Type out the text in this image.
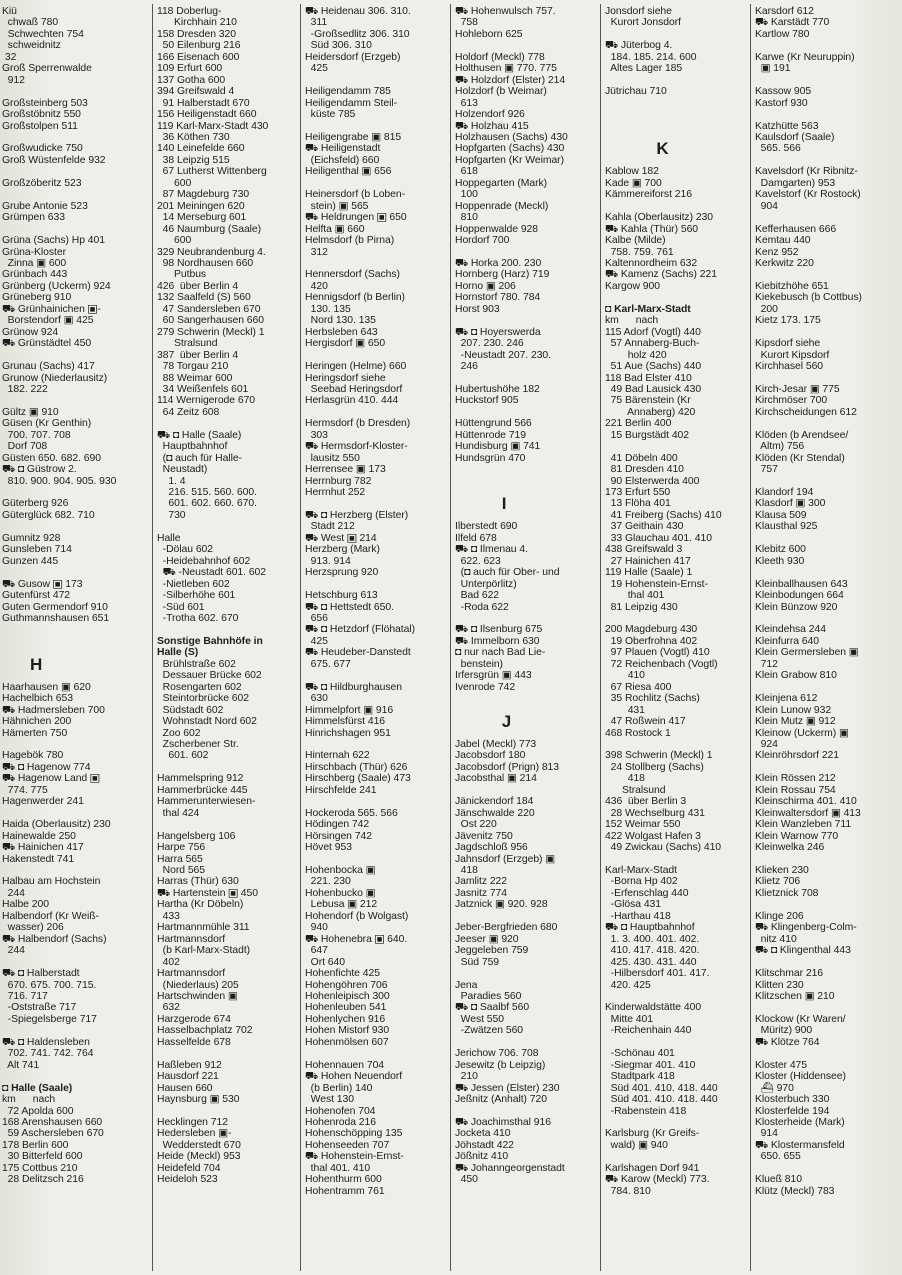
Kiü
chwaß 780
Schwechten 754
schweidnitz
32
Groß Sperrenwalde
912

Großsteinberg 503
Großstöbnitz 550
Großstolpen 511

Großwudicke 750
Groß Wüstenfelde 932

Großzöberitz 523

Grube Antonie 523
Grümpen 633

Grüna (Sachs) Hp 401
Grüna-Kloster
Zinna ▣ 600
Grünbach 443
Grünberg (Uckerm) 924
Grüneberg 910
⛟ Grünhainichen ▣-
Borstendorf ▣ 425
Grünow 924
⛟ Grünstädtel 450

Grunau (Sachs) 417
Grunow (Niederlausitz)
182. 222

Gültz ▣ 910
Güsen (Kr Genthin)
700. 707. 708
Dorf 708
Güsten 650. 682. 690
⛟ ◘ Güstrow 2.
810. 900. 904. 905. 930

Güterberg 926
Güterglück 682. 710

Gumnitz 928
Gunsleben 714
Gunzen 445

⛟ Gusow ▣ 173
Gutenfürst 472
Guten Germendorf 910
Guthmannshausen 651

H

Haarhausen ▣ 620
Hachelbich 653
⛟ Hadmersleben 700
Hähnichen 200
Hämerten 750

Hagebök 780
⛟ ◘ Hagenow 774
⛟ Hagenow Land ▣
774. 775
Hagenwerder 241

Haida (Oberlausitz) 230
Hainewalde 250
⛟ Hainichen 417
Hakenstedt 741

Halbau am Hochstein
244
Halbe 200
Halbendorf (Kr Weiß-
wasser) 206
⛟ Halbendorf (Sachs)
244

⛟ ◘ Halberstadt
670. 675. 700. 715.
716. 717
-Oststraße 717
-Spiegelsberge 717

⛟ ◘ Haldensleben
702. 741. 742. 764
Alt 741

◘ Halle (Saale)
km      nach
72 Apolda 600
168 Arenshausen 660
59 Aschersleben 670
178 Berlin 600
30 Bitterfeld 600
175 Cottbus 210
28 Delitzsch 216
118 Doberlug-
Kirchhain 210
158 Dresden 320
50 Eilenburg 216
166 Eisenach 600
109 Erfurt 600
137 Gotha 600
394 Greifswald 4
91 Halberstadt 670
156 Heiligenstadt 660
119 Karl-Marx-Stadt 430
36 Köthen 730
140 Leinefelde 660
38 Leipzig 515
67 Lutherst Wittenberg
600
87 Magdeburg 730
201 Meiningen 620
14 Merseburg 601
46 Naumburg (Saale)
600
329 Neubrandenburg 4.
98 Nordhausen 660
Putbus
426  über Berlin 4
132 Saalfeld (S) 560
47 Sandersleben 670
60 Sangerhausen 660
279 Schwerin (Meckl) 1
Stralsund
387  über Berlin 4
78 Torgau 210
88 Weimar 600
34 Weißenfels 601
114 Wernigerode 670
64 Zeitz 608

⛟ ◘ Halle (Saale)
Hauptbahnhof
(◘ auch für Halle-
Neustadt)
1. 4
216. 515. 560. 600.
601. 602. 660. 670.
730

Halle
-Dölau 602
-Heidebahnhof 602
⛟ -Neustadt 601. 602
-Nietleben 602
-Silberhöhe 601
-Süd 601
-Trotha 602. 670

Sonstige Bahnhöfe in
Halle (S)
Brühlstraße 602
Dessauer Brücke 602
Rosengarten 602
Steintorbrücke 602
Südstadt 602
Wohnstadt Nord 602
Zoo 602
Zscherbener Str.
601. 602

Hammelspring 912
Hammerbrücke 445
Hammerunterwiesen-
thal 424

Hangelsberg 106
Harpe 756
Harra 565
Nord 565
Harras (Thür) 630
⛟ Hartenstein ▣ 450
Hartha (Kr Döbeln)
433
Hartmannmühle 311
Hartmannsdorf
(b Karl-Marx-Stadt)
402
Hartmannsdorf
(Niederlaus) 205
Hartschwinden ▣
632
Harzgerode 674
Hasselbachplatz 702
Hasselfelde 678

Haßleben 912
Hausdorf 221
Hausen 660
Haynsburg ▣ 530

Hecklingen 712
Hedersleben ▣-
Wedderstedt 670
Heide (Meckl) 953
Heidefeld 704
Heideloh 523
⛟ Heidenau 306. 310.
311
-Großsedlitz 306. 310
Süd 306. 310
Heidersdorf (Erzgeb)
425

Heiligendamm 785
Heiligendamm Steil-
küste 785

Heiligengrabe ▣ 815
⛟ Heiligenstadt
(Eichsfeld) 660
Heiligenthal ▣ 656

Heinersdorf (b Loben-
stein) ▣ 565
⛟ Heldrungen ▣ 650
Helfta ▣ 660
Helmsdorf (b Pirna)
312

Hennersdorf (Sachs)
420
Hennigsdorf (b Berlin)
130. 135
Nord 130. 135
Herbsleben 643
Hergisdorf ▣ 650

Heringen (Helme) 660
Heringsdorf siehe
Seebad Heringsdorf
Herlasgrün 410. 444

Hermsdorf (b Dresden)
303
⛟ Hermsdorf-Kloster-
lausitz 550
Herrensee ▣ 173
Herrnburg 782
Herrnhut 252

⛟ ◘ Herzberg (Elster)
Stadt 212
⛟ West ▣ 214
Herzberg (Mark)
913. 914
Herzsprung 920

Hetschburg 613
⛟ ◘ Hettstedt 650.
656
⛟ ◘ Hetzdorf (Flöhatal)
425
⛟ Heudeber-Danstedt
675. 677

⛟ ◘ Hildburghausen
630
Himmelpfort ▣ 916
Himmelsfürst 416
Hinrichshagen 951

Hinternah 622
Hirschbach (Thür) 626
Hirschberg (Saale) 473
Hirschfelde 241

Hockeroda 565. 566
Hödingen 742
Hörsingen 742
Hövet 953

Hohenbocka ▣
221. 230
Hohenbucko ▣
Lebusa ▣ 212
Hohendorf (b Wolgast)
940
⛟ Hohenebra ▣ 640.
647
Ort 640
Hohenfichte 425
Hohengöhren 706
Hohenleipisch 300
Hohenleuben 541
Hohenlychen 916
Hohen Mistorf 930
Hohenmölsen 607

Hohennauen 704
⛟ Hohen Neuendorf
(b Berlin) 140
West 130
Hohenofen 704
Hohenroda 216
Hohenschöpping 135
Hohenseeden 707
⛟ Hohenstein-Ernst-
thal 401. 410
Hohenthurm 600
Hohentramm 761
⛟ Hohenwulsch 757.
758
Hohleborn 625

Holdorf (Meckl) 778
Holthusen ▣ 770. 775
⛟ Holzdorf (Elster) 214
Holzdorf (b Weimar)
613
Holzendorf 926
⛟ Holzhau 415
Holzhausen (Sachs) 430
Hopfgarten (Sachs) 430
Hopfgarten (Kr Weimar)
618
Hoppegarten (Mark)
100
Hoppenrade (Meckl)
810
Hoppenwalde 928
Hordorf 700

⛟ Horka 200. 230
Hornberg (Harz) 719
Horno ▣ 206
Hornstorf 780. 784
Horst 903

⛟ ◘ Hoyerswerda
207. 230. 246
-Neustadt 207. 230.
246

Hubertushöhe 182
Huckstorf 905

Hüttengrund 566
Hüttenrode 719
Hundisburg ▣ 741
Hundsgrün 470

I

Ilberstedt 690
Ilfeld 678
⛟ ◘ Ilmenau 4.
622. 623
(◘ auch für Ober- und
Unterpörlitz)
Bad 622
-Roda 622

⛟ ◘ Ilsenburg 675
⛟ Immelborn 630
◘ nur nach Bad Lie-
benstein)
Irfersgrün ▣ 443
Ivenrode 742

J

Jabel (Meckl) 773
Jacobsdorf 180
Jacobsdorf (Prign) 813
Jacobsthal ▣ 214

Jänickendorf 184
Jänschwalde 220
Ost 220
Jävenitz 750
Jagdschloß 956
Jahnsdorf (Erzgeb) ▣
418
Jamlitz 222
Jasnitz 774
Jatznick ▣ 920. 928

Jeber-Bergfrieden 680
Jeeser ▣ 920
Jeggeleben 759
Süd 759

Jena
Paradies 560
⛟ ◘ Saalbf 560
West 550
-Zwätzen 560

Jerichow 706. 708
Jesewitz (b Leipzig)
210
⛟ Jessen (Elster) 230
Jeßnitz (Anhalt) 720

⛟ Joachimsthal 916
Jocketa 410
Jöhstadt 422
Jößnitz 410
⛟ Johanngeorgenstadt
450
Jonsdorf siehe
Kurort Jonsdorf

⛟ Jüterbog 4.
184. 185. 214. 600
Altes Lager 185

Jütrichau 710

K

Kablow 182
Kade ▣ 700
Kämmereiforst 216

Kahla (Oberlausitz) 230
⛟ Kahla (Thür) 560
Kalbe (Milde)
758. 759. 761
Kaltennordheim 632
⛟ Kamenz (Sachs) 221
Kargow 900

◘ Karl-Marx-Stadt
km      nach
115 Adorf (Vogtl) 440
57 Annaberg-Buch-
holz 420
51 Aue (Sachs) 440
118 Bad Elster 410
49 Bad Lausick 430
75 Bärenstein (Kr
Annaberg) 420
221 Berlin 400
15 Burgstädt 402

41 Döbeln 400
81 Dresden 410
90 Elsterwerda 400
173 Erfurt 550
13 Flöha 401
41 Freiberg (Sachs) 410
37 Geithain 430
33 Glauchau 401. 410
438 Greifswald 3
27 Hainichen 417
119 Halle (Saale) 1
19 Hohenstein-Ernst-
thal 401
81 Leipzig 430

200 Magdeburg 430
19 Oberfrohna 402
97 Plauen (Vogtl) 410
72 Reichenbach (Vogtl)
410
67 Riesa 400
35 Rochlitz (Sachs)
431
47 Roßwein 417
468 Rostock 1

398 Schwerin (Meckl) 1
24 Stollberg (Sachs)
418
Stralsund
436  über Berlin 3
28 Wechselburg 431
152 Weimar 550
422 Wolgast Hafen 3
49 Zwickau (Sachs) 410

Karl-Marx-Stadt
-Borna Hp 402
-Erfenschlag 440
-Glösa 431
-Harthau 418
⛟ ◘ Hauptbahnhof
1. 3. 400. 401. 402.
410. 417. 418. 420.
425. 430. 431. 440
-Hilbersdorf 401. 417.
420. 425

Kinderwaldstätte 400
Mitte 401
-Reichenhain 440

-Schönau 401
-Siegmar 401. 410
Stadtpark 418
Süd 401. 410. 418. 440
Süd 401. 410. 418. 440
-Rabenstein 418

Karlsburg (Kr Greifs-
wald) ▣ 940

Karlshagen Dorf 941
⛟ Karow (Meckl) 773.
784. 810
Karsdorf 612
⛟ Karstädt 770
Kartlow 780

Karwe (Kr Neuruppin)
▣ 191

Kassow 905
Kastorf 930

Katzhütte 563
Kaulsdorf (Saale)
565. 566

Kavelsdorf (Kr Ribnitz-
Damgarten) 953
Kavelstorf (Kr Rostock)
904

Kefferhausen 666
Kemtau 440
Kenz 952
Kerkwitz 220

Kiebitzhöhe 651
Kiekebusch (b Cottbus)
200
Kietz 173. 175

Kipsdorf siehe
Kurort Kipsdorf
Kirchhasel 560

Kirch-Jesar ▣ 775
Kirchmöser 700
Kirchscheidungen 612

Klöden (b Arendsee/
Altm) 756
Klöden (Kr Stendal)
757

Klandorf 194
Klasdorf ▣ 300
Klausa 509
Klausthal 925

Klebitz 600
Kleeth 930

Kleinballhausen 643
Kleinbodungen 664
Klein Bünzow 920

Kleindehsa 244
Kleinfurra 640
Klein Germersleben ▣
712
Klein Grabow 810

Kleinjena 612
Klein Lunow 932
Klein Mutz ▣ 912
Kleinow (Uckerm) ▣
924
Kleinröhrsdorf 221

Klein Rössen 212
Klein Rossau 754
Kleinschirma 401. 410
Kleinwaltersdorf ▣ 413
Klein Wanzleben 711
Klein Warnow 770
Kleinwelka 246

Klieken 230
Klietz 706
Klietznick 708

Klinge 206
⛟ Klingenberg-Colm-
nitz 410
⛟ ◘ Klingenthal 443

Klitschmar 216
Klitten 230
Klitzschen ▣ 210

Klockow (Kr Waren/
Müritz) 900
⛟ Klötze 764

Kloster 475
Kloster (Hiddensee)
⛴ 970
Klosterbuch 330
Klosterfelde 194
Klosterheide (Mark)
914
⛟ Klostermansfeld
650. 655

Klueß 810
Klütz (Meckl) 783
